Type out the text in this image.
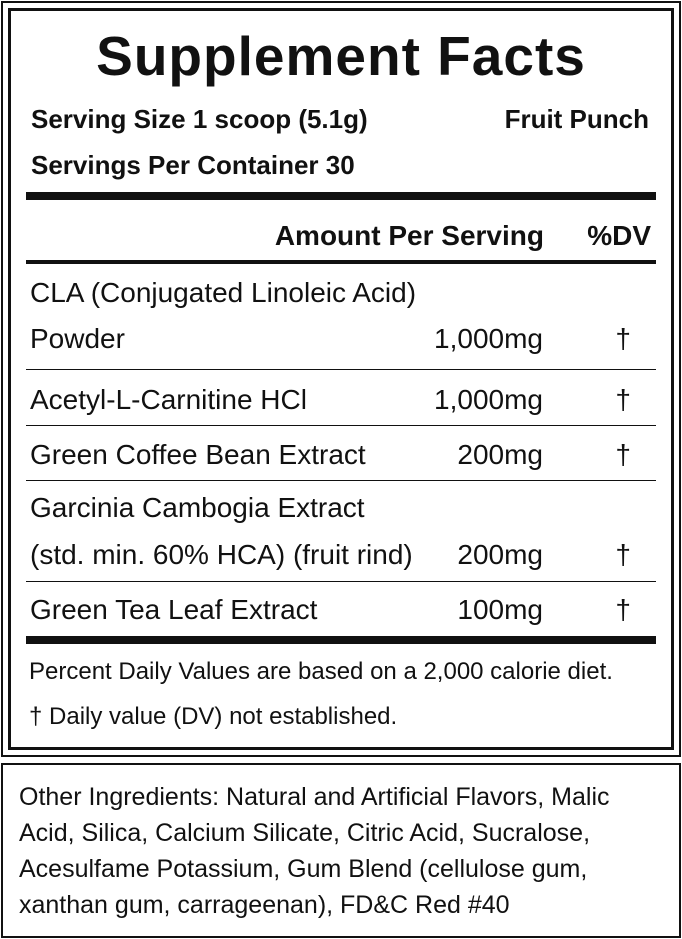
Supplement Facts
Serving Size 1 scoop (5.1g)	Fruit Punch
Servings Per Container 30
Amount Per Serving %DV
CLA (Conjugated Linoleic Acid)
Powder	1,000mg	†
Acetyl-L-Carnitine HCl	1,000mg	†
Green Coffee Bean Extract	200mg	†
Garcinia Cambogia Extract
(std. min. 60% HCA) (fruit rind) 200mg	†
Green Tea Leaf Extract	100mg	†
Percent Daily Values are based on a 2,000 calorie diet.
† Daily value (DV) not established.

Other Ingredients: Natural and Artificial Flavors, Malic Acid, Silica, Calcium Silicate, Citric Acid, Sucralose, Acesulfame Potassium, Gum Blend (cellulose gum, xanthan gum, carrageenan), FD&C Red #40
